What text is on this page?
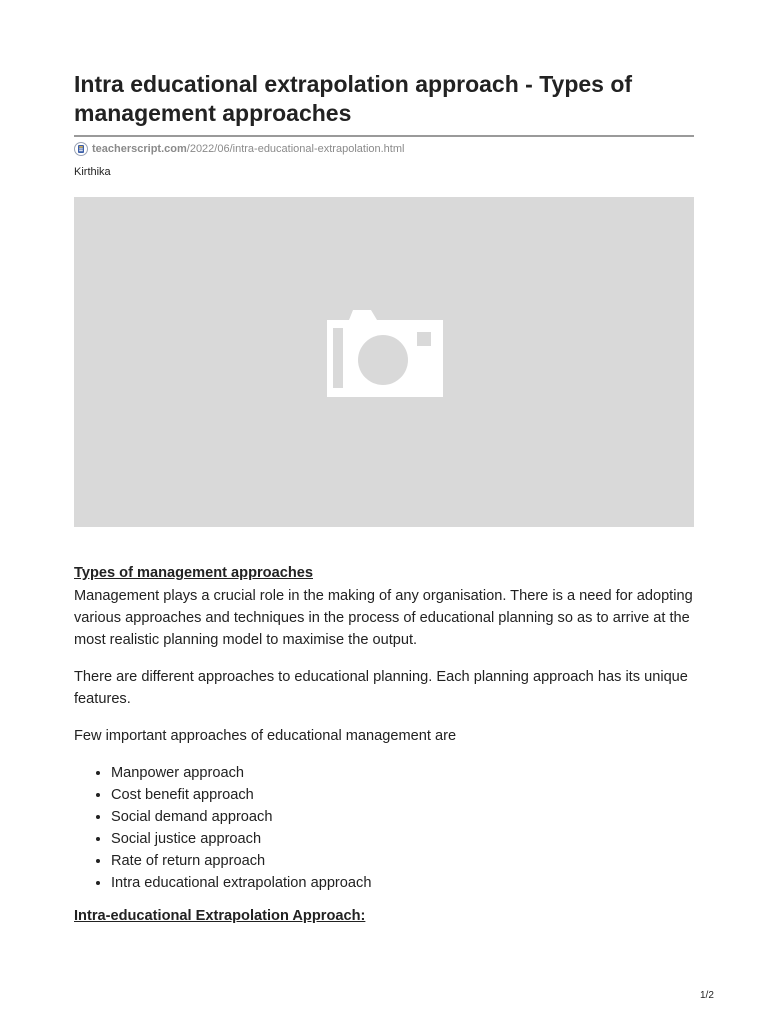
Intra educational extrapolation approach - Types of management approaches
teacherscript.com /2022/06/intra-educational-extrapolation.html
Kirthika
Types of management approaches

Management plays a crucial role in the making of any organisation. There is a need for adopting various approaches and techniques in the process of educational planning so as to arrive at the most realistic planning model to maximise the output.

There are different approaches to educational planning. Each planning approach has its unique features.

Few important approaches of educational management are

• Manpower approach
• Cost benefit approach
• Social demand approach
• Social justice approach
• Rate of return approach
• Intra educational extrapolation approach
Intra-educational Extrapolation Approach:
1/2
